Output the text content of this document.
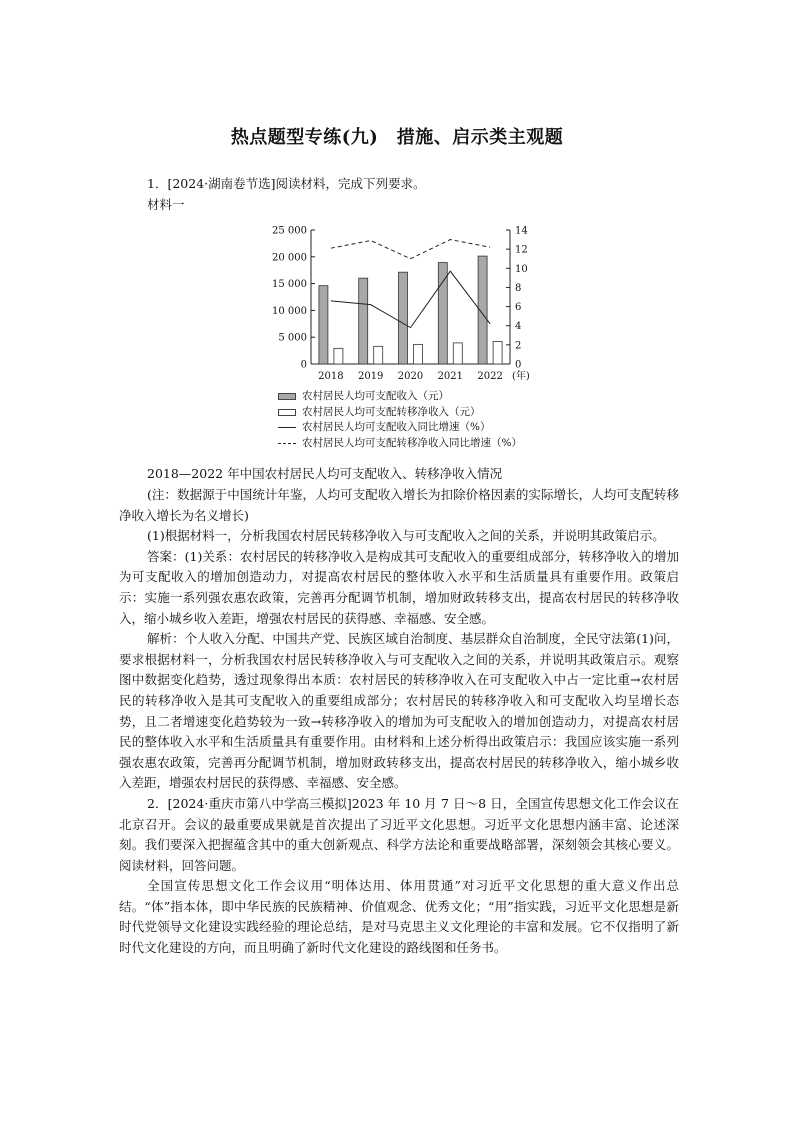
热点题型专练(九)　措施、启示类主观题
1．[2024·湖南卷节选]阅读材料，完成下列要求。
材料一
0
5 000
10 000
15 000
20 000
25 000
0
2
4
6
8
10
12
14
2018 2019 2020 2021 2022 (年)
农村居民人均可支配收入（元）
农村居民人均可支配转移净收入（元）
农村居民人均可支配收入同比增速（%）
农村居民人均可支配转移净收入同比增速（%）
2018—2022 年中国农村居民人均可支配收入、转移净收入情况

(注：数据源于中国统计年鉴，人均可支配收入增长为扣除价格因素的实际增长，人均可支配转移净收入增长为名义增长)

(1)根据材料一，分析我国农村居民转移净收入与可支配收入之间的关系，并说明其政策启示。

答案：(1)关系：农村居民的转移净收入是构成其可支配收入的重要组成部分，转移净收入的增加为可支配收入的增加创造动力，对提高农村居民的整体收入水平和生活质量具有重要作用。政策启示：实施一系列强农惠农政策，完善再分配调节机制，增加财政转移支出，提高农村居民的转移净收入，缩小城乡收入差距，增强农村居民的获得感、幸福感、安全感。

解析：个人收入分配、中国共产党、民族区域自治制度、基层群众自治制度，全民守法第(1)问，要求根据材料一，分析我国农村居民转移净收入与可支配收入之间的关系，并说明其政策启示。观察图中数据变化趋势，透过现象得出本质：农村居民的转移净收入在可支配收入中占一定比重→农村居民的转移净收入是其可支配收入的重要组成部分；农村居民的转移净收入和可支配收入均呈增长态势，且二者增速变化趋势较为一致→转移净收入的增加为可支配收入的增加创造动力，对提高农村居民的整体收入水平和生活质量具有重要作用。由材料和上述分析得出政策启示：我国应该实施一系列强农惠农政策，完善再分配调节机制，增加财政转移支出，提高农村居民的转移净收入，缩小城乡收入差距，增强农村居民的获得感、幸福感、安全感。

2．[2024·重庆市第八中学高三模拟]2023 年 10 月 7 日～8 日，全国宣传思想文化工作会议在北京召开。会议的最重要成果就是首次提出了习近平文化思想。习近平文化思想内涵丰富、论述深刻。我们要深入把握蕴含其中的重大创新观点、科学方法论和重要战略部署，深刻领会其核心要义。阅读材料，回答问题。

全国宣传思想文化工作会议用“明体达用、体用贯通”对习近平文化思想的重大意义作出总结。“体”指本体，即中华民族的民族精神、价值观念、优秀文化；“用”指实践，习近平文化思想是新时代党领导文化建设实践经验的理论总结，是对马克思主义文化理论的丰富和发展。它不仅指明了新时代文化建设的方向，而且明确了新时代文化建设的路线图和任务书。
